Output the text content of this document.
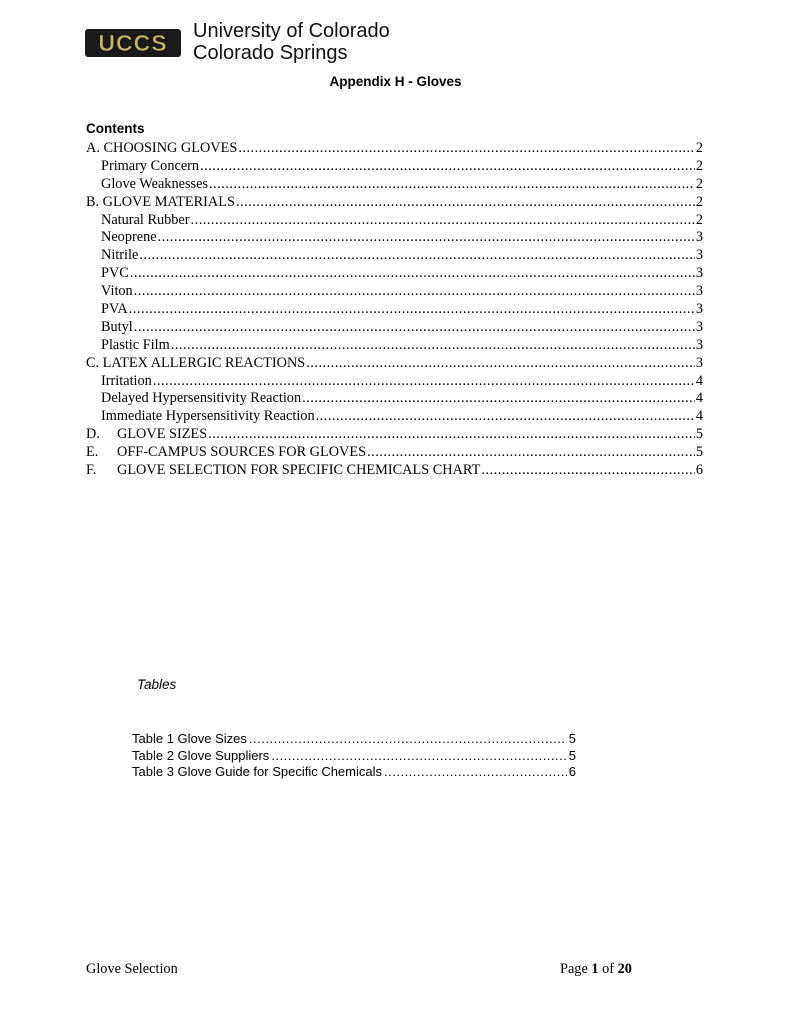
UCCS University of Colorado
Colorado Springs
Appendix H - Gloves
Contents
A. CHOOSING GLOVES .....	2
Primary Concern .....	2
Glove Weaknesses .....	2
B. GLOVE MATERIALS .....	2
Natural Rubber .....	2
Neoprene .....	3
Nitrile .....	3
PVC .....	3
Viton .....	3
PVA .....	3
Butyl .....	3
Plastic Film .....	3
C. LATEX ALLERGIC REACTIONS .....	3
Irritation .....	4
Delayed Hypersensitivity Reaction .....	4
Immediate Hypersensitivity Reaction .....	4
D.	GLOVE SIZES .....	5
E.	OFF-CAMPUS SOURCES FOR GLOVES .....	5
F.	GLOVE SELECTION FOR SPECIFIC CHEMICALS CHART .....	6
Tables
Table 1 Glove Sizes .....	5
Table 2 Glove Suppliers .....	5
Table 3 Glove Guide for Specific Chemicals .....	6
Glove Selection	Page 1 of 20
